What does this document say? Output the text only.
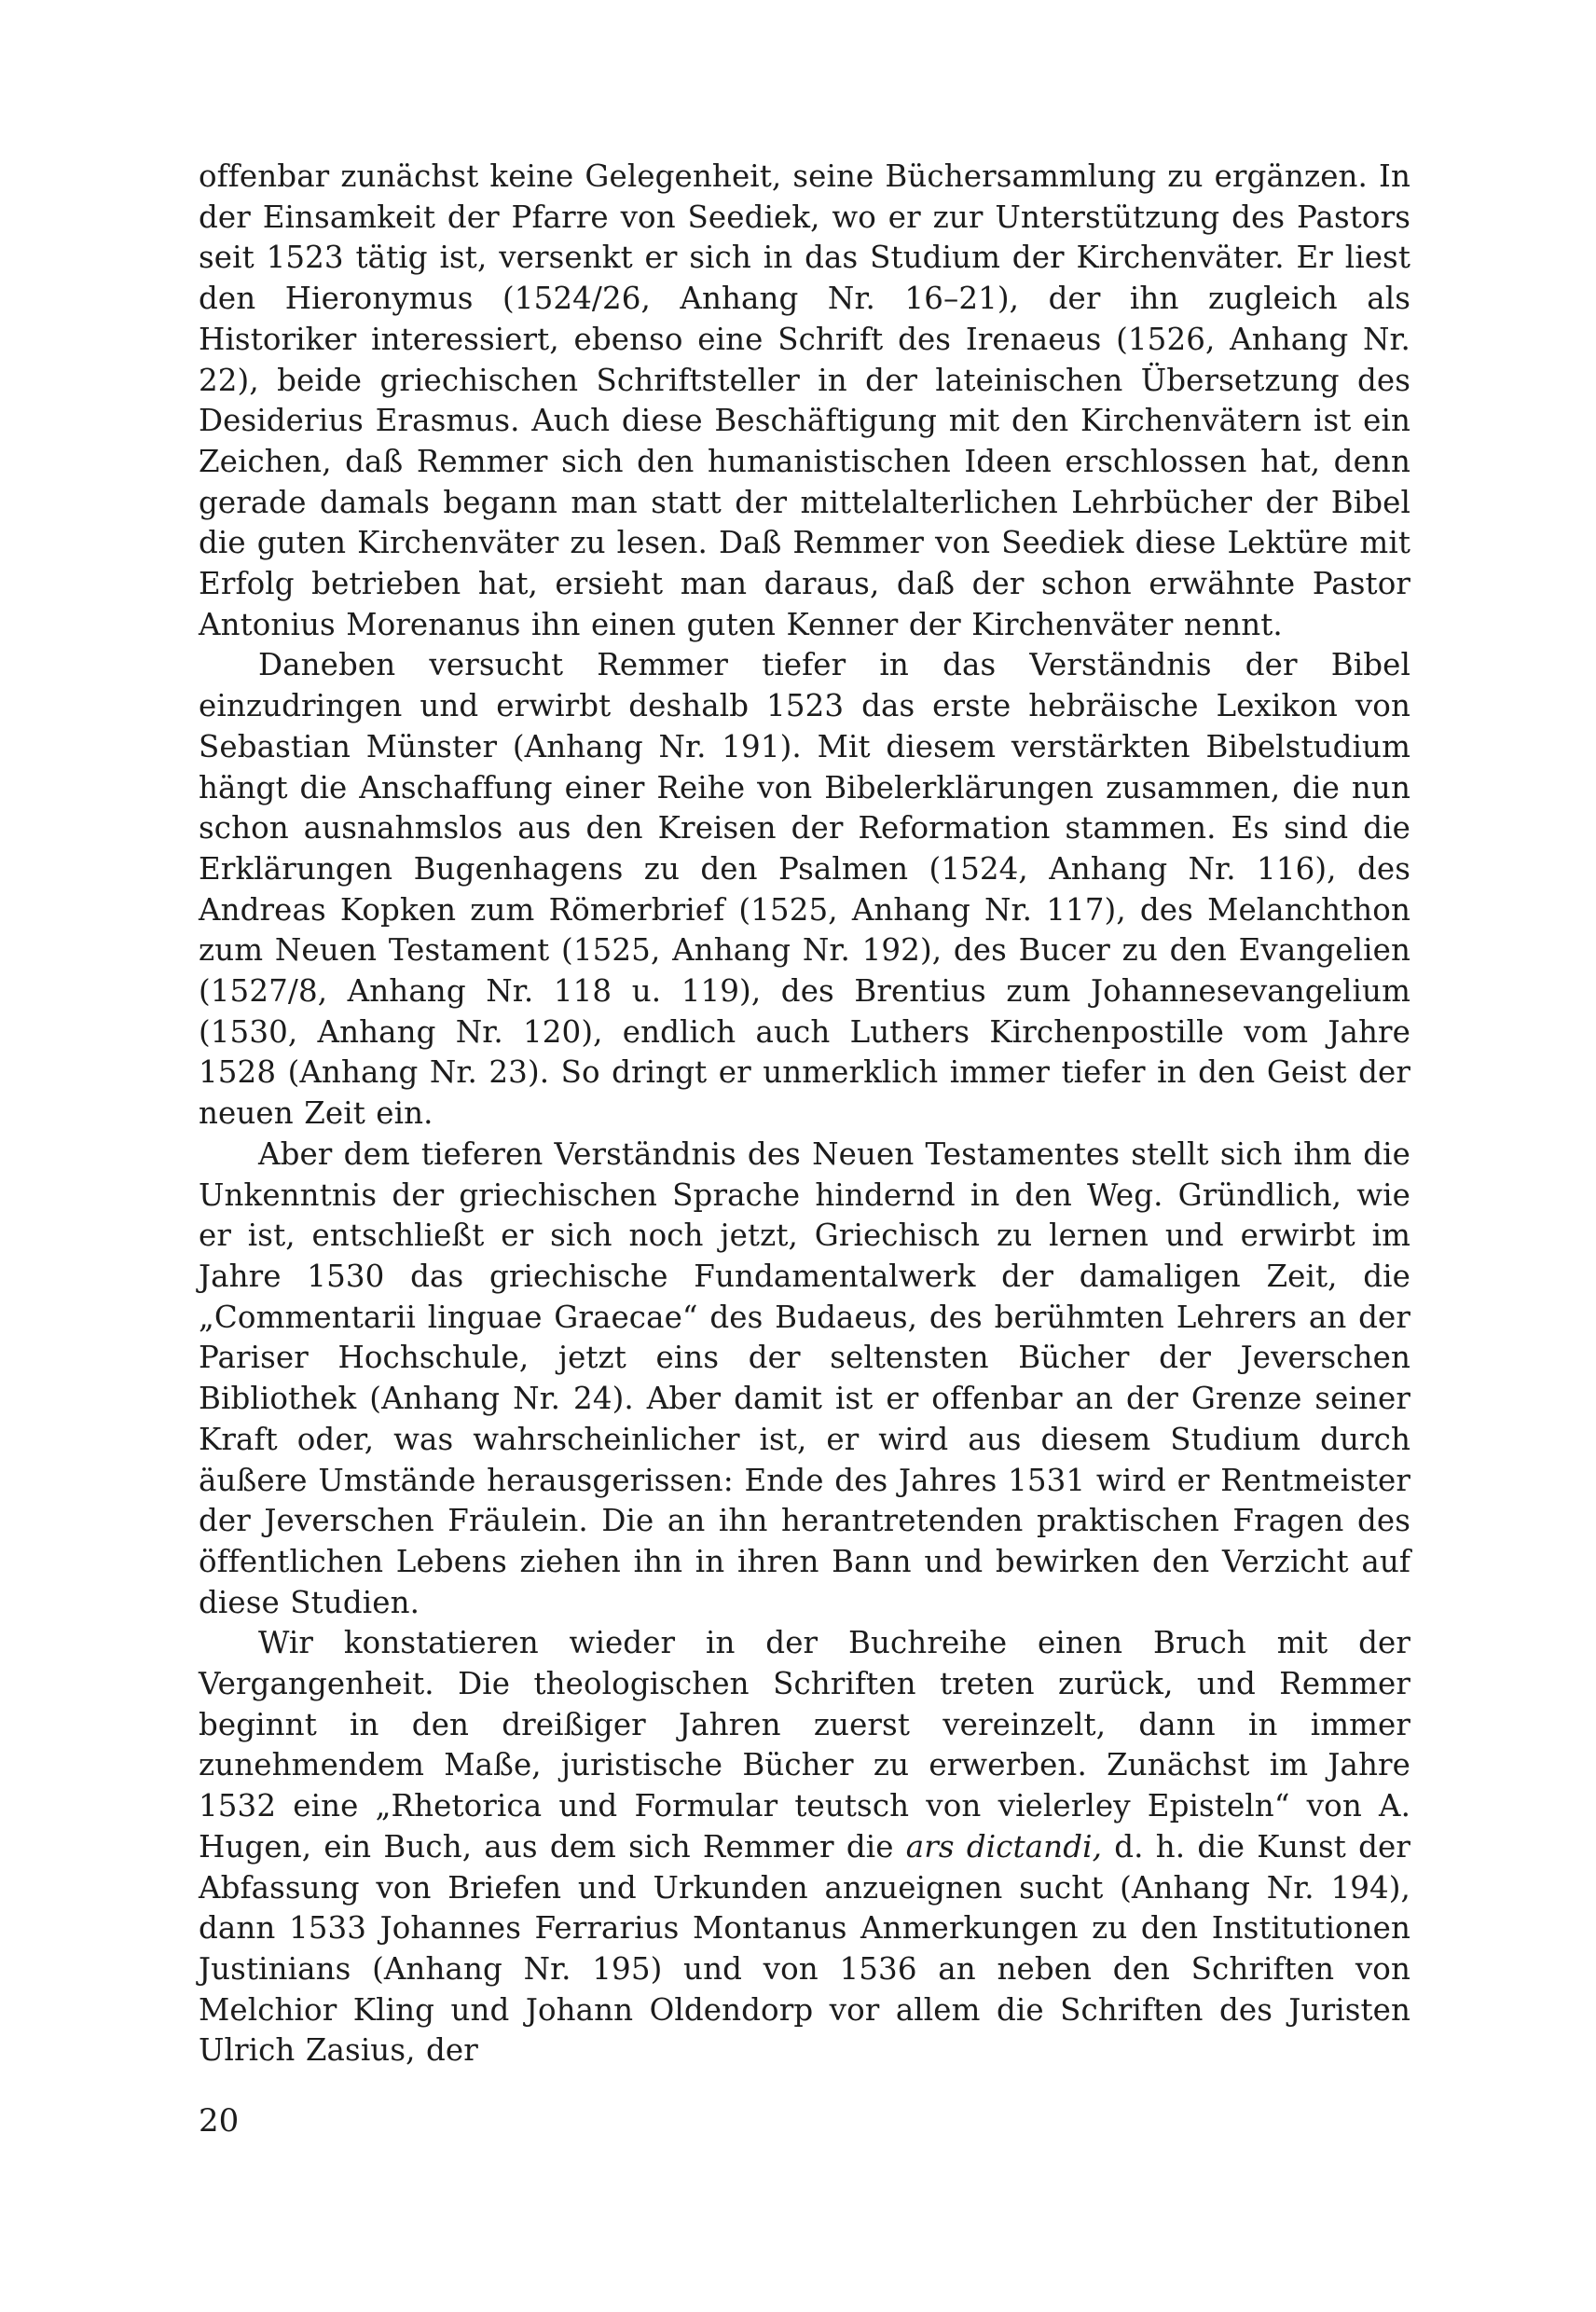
offenbar zunächst keine Gelegenheit, seine Büchersammlung zu ergänzen. In der Einsamkeit der Pfarre von Seediek, wo er zur Unterstützung des Pastors seit 1523 tätig ist, versenkt er sich in das Studium der Kirchenväter. Er liest den Hieronymus (1524/26, Anhang Nr. 16–21), der ihn zugleich als Historiker interessiert, ebenso eine Schrift des Irenaeus (1526, Anhang Nr. 22), beide griechischen Schriftsteller in der lateinischen Übersetzung des Desiderius Erasmus. Auch diese Beschäftigung mit den Kirchenvätern ist ein Zeichen, daß Remmer sich den humanistischen Ideen erschlossen hat, denn gerade damals begann man statt der mittelalterlichen Lehrbücher der Bibel die guten Kirchenväter zu lesen. Daß Remmer von Seediek diese Lektüre mit Erfolg betrieben hat, ersieht man daraus, daß der schon erwähnte Pastor Antonius Morenanus ihn einen guten Kenner der Kirchenväter nennt.

Daneben versucht Remmer tiefer in das Verständnis der Bibel einzudringen und erwirbt deshalb 1523 das erste hebräische Lexikon von Sebastian Münster (Anhang Nr. 191). Mit diesem verstärkten Bibelstudium hängt die Anschaffung einer Reihe von Bibelerklärungen zusammen, die nun schon ausnahmslos aus den Kreisen der Reformation stammen. Es sind die Erklärungen Bugenhagens zu den Psalmen (1524, Anhang Nr. 116), des Andreas Kopken zum Römerbrief (1525, Anhang Nr. 117), des Melanchthon zum Neuen Testament (1525, Anhang Nr. 192), des Bucer zu den Evangelien (1527/8, Anhang Nr. 118 u. 119), des Brentius zum Johannesevangelium (1530, Anhang Nr. 120), endlich auch Luthers Kirchenpostille vom Jahre 1528 (Anhang Nr. 23). So dringt er unmerklich immer tiefer in den Geist der neuen Zeit ein.

Aber dem tieferen Verständnis des Neuen Testamentes stellt sich ihm die Unkenntnis der griechischen Sprache hindernd in den Weg. Gründlich, wie er ist, entschließt er sich noch jetzt, Griechisch zu lernen und erwirbt im Jahre 1530 das griechische Fundamentalwerk der damaligen Zeit, die „Commentarii linguae Graecae“ des Budaeus, des berühmten Lehrers an der Pariser Hochschule, jetzt eins der seltensten Bücher der Jeverschen Bibliothek (Anhang Nr. 24). Aber damit ist er offenbar an der Grenze seiner Kraft oder, was wahrscheinlicher ist, er wird aus diesem Studium durch äußere Umstände herausgerissen: Ende des Jahres 1531 wird er Rentmeister der Jeverschen Fräulein. Die an ihn herantretenden praktischen Fragen des öffentlichen Lebens ziehen ihn in ihren Bann und bewirken den Verzicht auf diese Studien.

Wir konstatieren wieder in der Buchreihe einen Bruch mit der Vergangenheit. Die theologischen Schriften treten zurück, und Remmer beginnt in den dreißiger Jahren zuerst vereinzelt, dann in immer zunehmendem Maße, juristische Bücher zu erwerben. Zunächst im Jahre 1532 eine „Rhetorica und Formular teutsch von vielerley Episteln“ von A. Hugen, ein Buch, aus dem sich Remmer die ars dictandi, d. h. die Kunst der Abfassung von Briefen und Urkunden anzueignen sucht (Anhang Nr. 194), dann 1533 Johannes Ferrarius Montanus Anmerkungen zu den Institutionen Justinians (Anhang Nr. 195) und von 1536 an neben den Schriften von Melchior Kling und Johann Oldendorp vor allem die Schriften des Juristen Ulrich Zasius, der

20
